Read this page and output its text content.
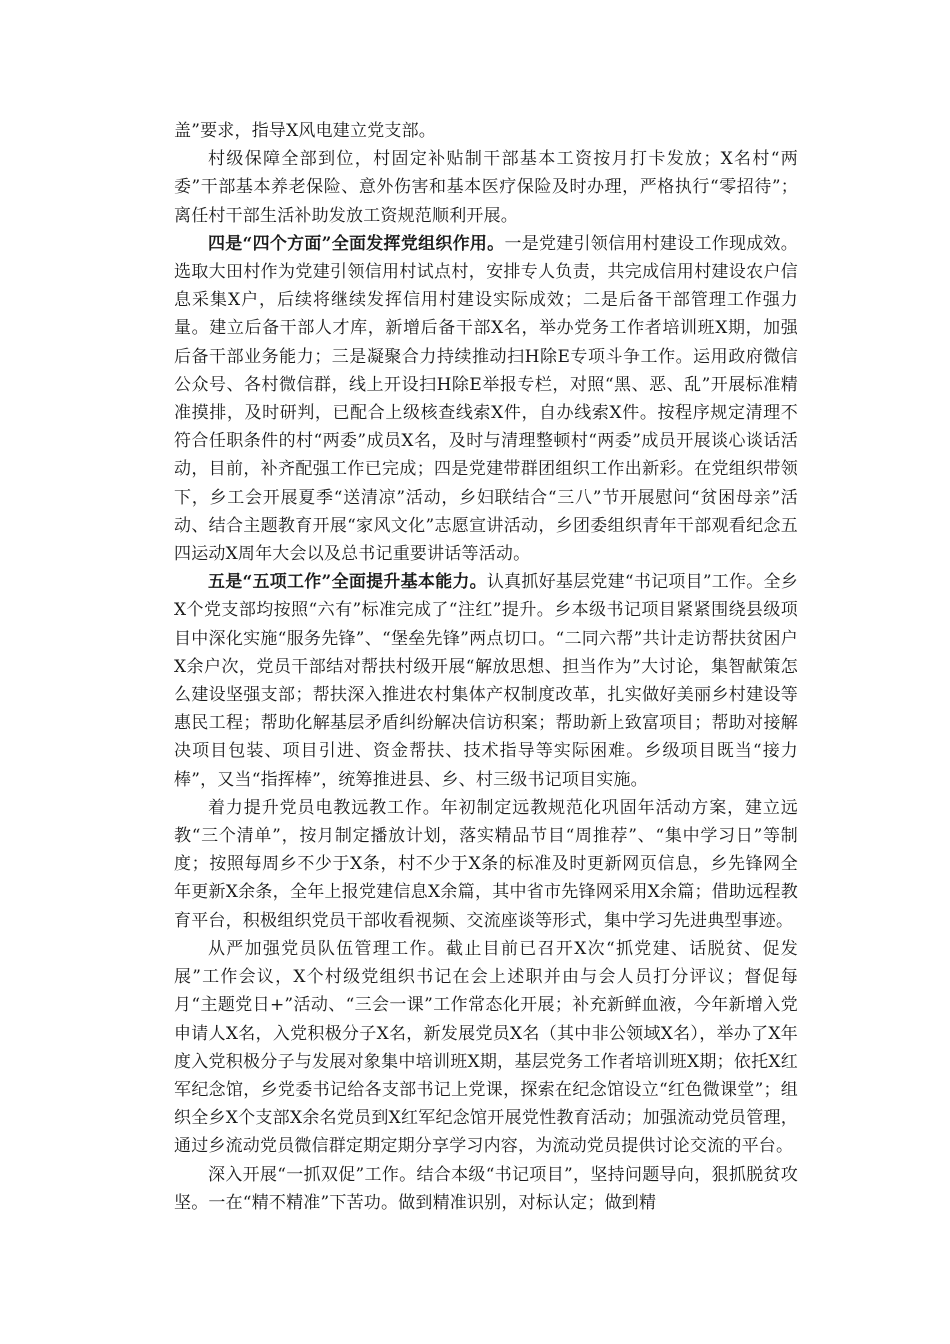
盖”要求，指导X风电建立党支部。

村级保障全部到位，村固定补贴制干部基本工资按月打卡发放；X名村“两委”干部基本养老保险、意外伤害和基本医疗保险及时办理，严格执行“零招待”；离任村干部生活补助发放工资规范顺利开展。

四是“四个方面”全面发挥党组织作用。一是党建引领信用村建设工作现成效。选取大田村作为党建引领信用村试点村，安排专人负责，共完成信用村建设农户信息采集X户，后续将继续发挥信用村建设实际成效；二是后备干部管理工作强力量。建立后备干部人才库，新增后备干部X名，举办党务工作者培训班X期，加强后备干部业务能力；三是凝聚合力持续推动扫H除E专项斗争工作。运用政府微信公众号、各村微信群，线上开设扫H除E举报专栏，对照“黑、恶、乱”开展标准精准摸排，及时研判，已配合上级核查线索X件，自办线索X件。按程序规定清理不符合任职条件的村“两委”成员X名，及时与清理整顿村“两委”成员开展谈心谈话活动，目前，补齐配强工作已完成；四是党建带群团组织工作出新彩。在党组织带领下，乡工会开展夏季“送清凉”活动，乡妇联结合“三八”节开展慰问“贫困母亲”活动、结合主题教育开展“家风文化”志愿宣讲活动，乡团委组织青年干部观看纪念五四运动X周年大会以及总书记重要讲话等活动。

五是“五项工作”全面提升基本能力。认真抓好基层党建“书记项目”工作。全乡X个党支部均按照“六有”标准完成了“注红”提升。乡本级书记项目紧紧围绕县级项目中深化实施“服务先锋”、“堡垒先锋”两点切口。“二同六帮”共计走访帮扶贫困户X余户次，党员干部结对帮扶村级开展“解放思想、担当作为”大讨论，集智献策怎么建设坚强支部；帮扶深入推进农村集体产权制度改革，扎实做好美丽乡村建设等惠民工程；帮助化解基层矛盾纠纷解决信访积案；帮助新上致富项目；帮助对接解决项目包装、项目引进、资金帮扶、技术指导等实际困难。乡级项目既当“接力棒”，又当“指挥棒”，统筹推进县、乡、村三级书记项目实施。

着力提升党员电教远教工作。年初制定远教规范化巩固年活动方案，建立远教“三个清单”，按月制定播放计划，落实精品节目“周推荐”、“集中学习日”等制度；按照每周乡不少于X条，村不少于X条的标准及时更新网页信息，乡先锋网全年更新X余条，全年上报党建信息X余篇，其中省市先锋网采用X余篇；借助远程教育平台，积极组织党员干部收看视频、交流座谈等形式，集中学习先进典型事迹。

从严加强党员队伍管理工作。截止目前已召开X次“抓党建、话脱贫、促发展”工作会议，X个村级党组织书记在会上述职并由与会人员打分评议；督促每月“主题党日+”活动、“三会一课”工作常态化开展；补充新鲜血液，今年新增入党申请人X名，入党积极分子X名，新发展党员X名（其中非公领域X名），举办了X年度入党积极分子与发展对象集中培训班X期，基层党务工作者培训班X期；依托X红军纪念馆，乡党委书记给各支部书记上党课，探索在纪念馆设立“红色微课堂”；组织全乡X个支部X余名党员到X红军纪念馆开展党性教育活动；加强流动党员管理，通过乡流动党员微信群定期定期分享学习内容，为流动党员提供讨论交流的平台。

深入开展“一抓双促”工作。结合本级“书记项目”，坚持问题导向，狠抓脱贫攻坚。一在“精不精准”下苦功。做到精准识别，对标认定；做到精
